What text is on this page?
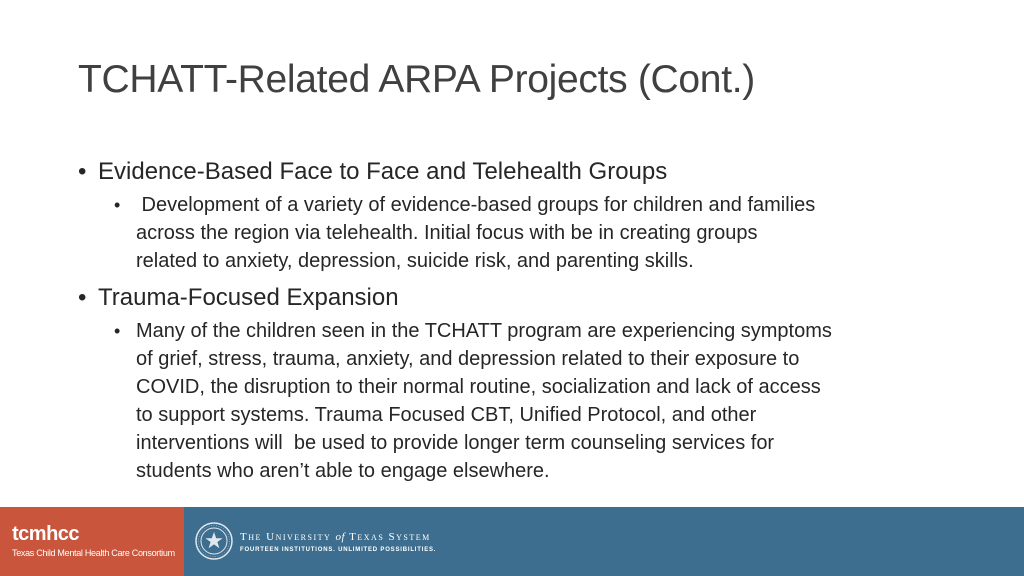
TCHATT-Related ARPA Projects (Cont.)
• Evidence-Based Face to Face and Telehealth Groups
• Development of a variety of evidence-based groups for children and families
across the region via telehealth. Initial focus with be in creating groups
related to anxiety, depression, suicide risk, and parenting skills.
• Trauma-Focused Expansion
• Many of the children seen in the TCHATT program are experiencing symptoms
of grief, stress, trauma, anxiety, and depression related to their exposure to
COVID, the disruption to their normal routine, socialization and lack of access
to support systems. Trauma Focused CBT, Unified Protocol, and other
interventions will  be used to provide longer term counseling services for
students who aren’t able to engage elsewhere.
tcmhcc
Texas Child Mental Health Care Consortium
The University of Texas System
FOURTEEN INSTITUTIONS. UNLIMITED POSSIBILITIES.
